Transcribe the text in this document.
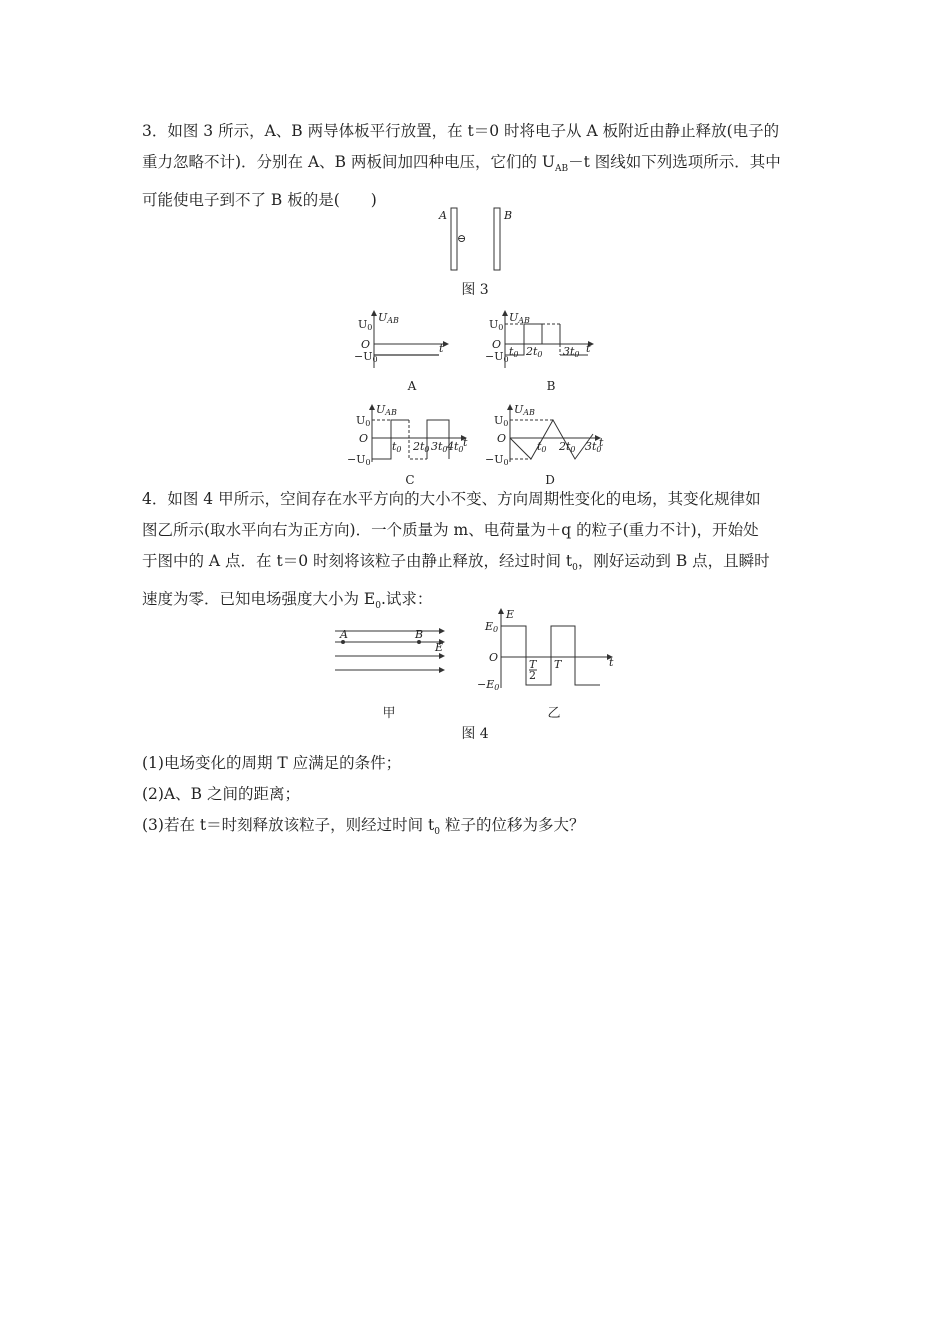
3．如图 3 所示，A、B 两导体板平行放置，在 t＝0 时将电子从 A 板附近由静止释放(电子的

重力忽略不计)．分别在 A、B 两板间加四种电压，它们的 $U_{AB}-t$ 图线如下列选项所示．其中

可能使电子到不了 B 板的是(　　)

A	B
⊖
图 3
UAB
U0
O
−U0
t
A
UAB
U0
O
−U0
t0 2t0 3t0 t
B
UAB
U0
O
−U0
t0 2t0 3t0 4t0
t
C
UAB
U0
O
−U0
t0 2t0 3t0
t
D

4．如图 4 甲所示，空间存在水平方向的大小不变、方向周期性变化的电场，其变化规律如

图乙所示(取水平向右为正方向)．一个质量为 m、电荷量为＋q 的粒子(重力不计)，开始处

于图中的 A 点．在 t＝0 时刻将该粒子由静止释放，经过时间 $t_0$，刚好运动到 B 点，且瞬时

速度为零．已知电场强度大小为 $E_0$.试求：

A	B
E
甲
E
E0
O
−E0
T
2
T	t
乙
图 4

(1)电场变化的周期 T 应满足的条件；

(2)A、B 之间的距离；

(3)若在 t＝时刻释放该粒子，则经过时间 $t_0$ 粒子的位移为多大？
